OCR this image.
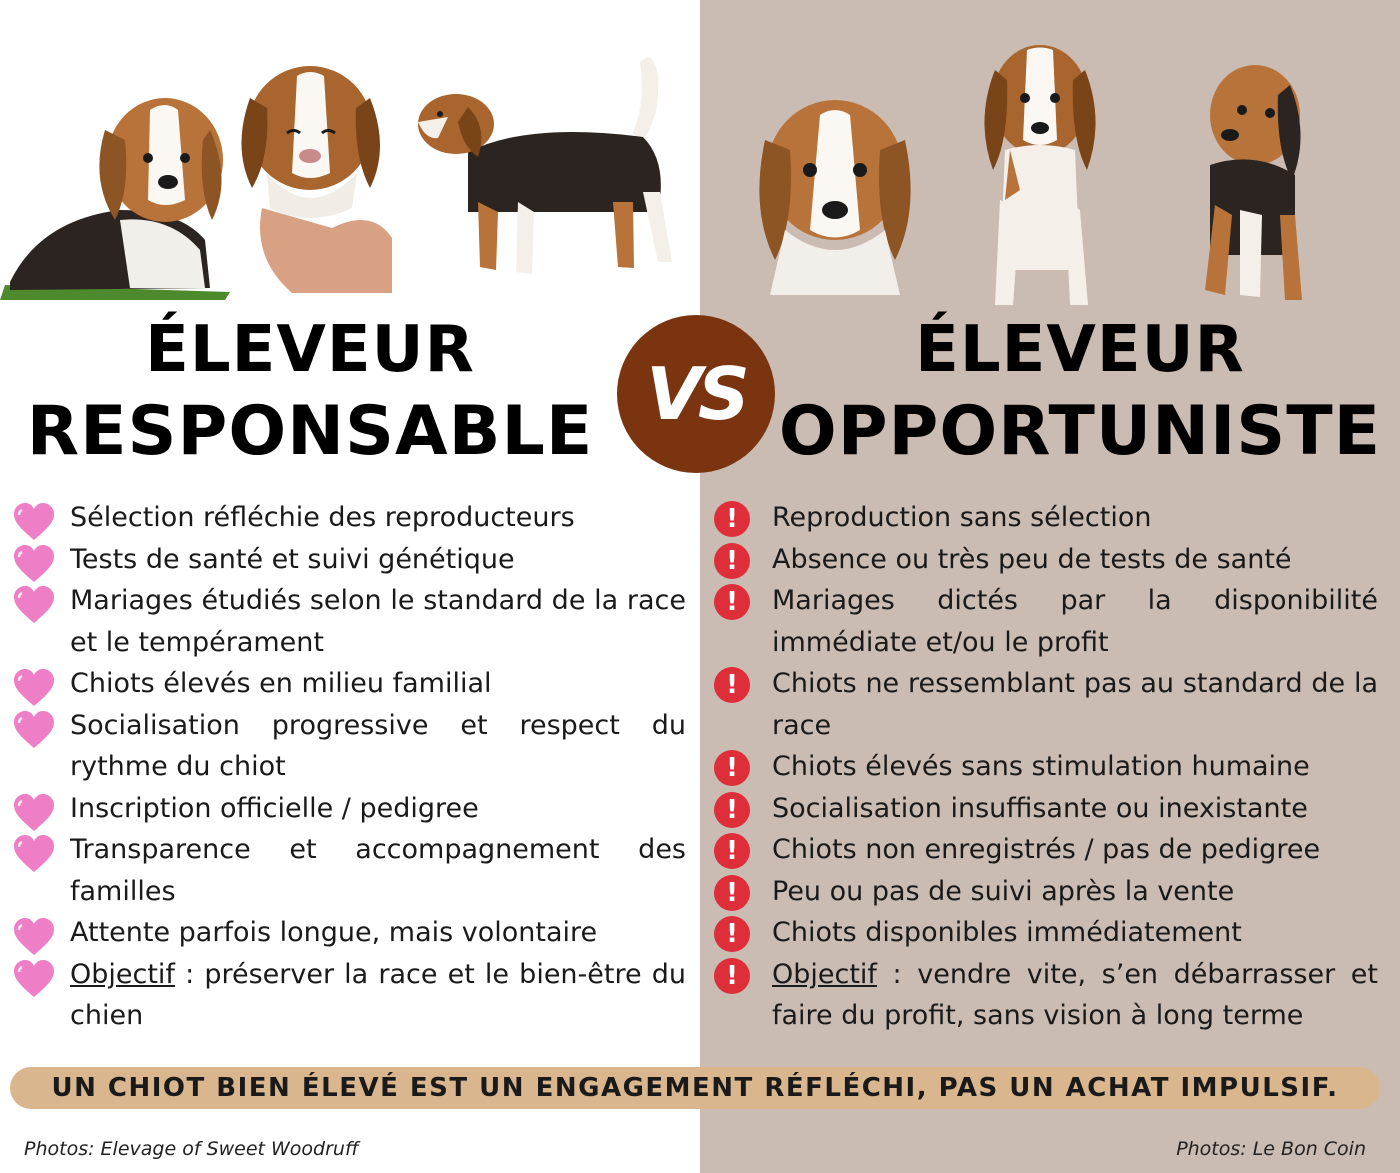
ÉLEVEUR
RESPONSABLE
ÉLEVEUR
OPPORTUNISTE
VS
Sélection réfléchie des reproducteurs
Tests de santé et suivi génétique
Mariages étudiés selon le standard de la race et le tempérament
Chiots élevés en milieu familial
Socialisation progressive et respect du rythme du chiot
Inscription officielle / pedigree
Transparence et accompagnement des familles
Attente parfois longue, mais volontaire
Objectif : préserver la race et le bien-être du chien
!	Reproduction sans sélection
!	Absence ou très peu de tests de santé
!	Mariages dictés par la disponibilité immédiate et/ou le profit
!	Chiots ne ressemblant pas au standard de la race
!	Chiots élevés sans stimulation humaine
!	Socialisation insuffisante ou inexistante
!	Chiots non enregistrés / pas de pedigree
!	Peu ou pas de suivi après la vente
!	Chiots disponibles immédiatement
!	Objectif : vendre vite, s’en débarrasser et faire du profit, sans vision à long terme
UN CHIOT BIEN ÉLEVÉ EST UN ENGAGEMENT RÉFLÉCHI, PAS UN ACHAT IMPULSIF.
Photos: Elevage of Sweet Woodruff	Photos: Le Bon Coin
